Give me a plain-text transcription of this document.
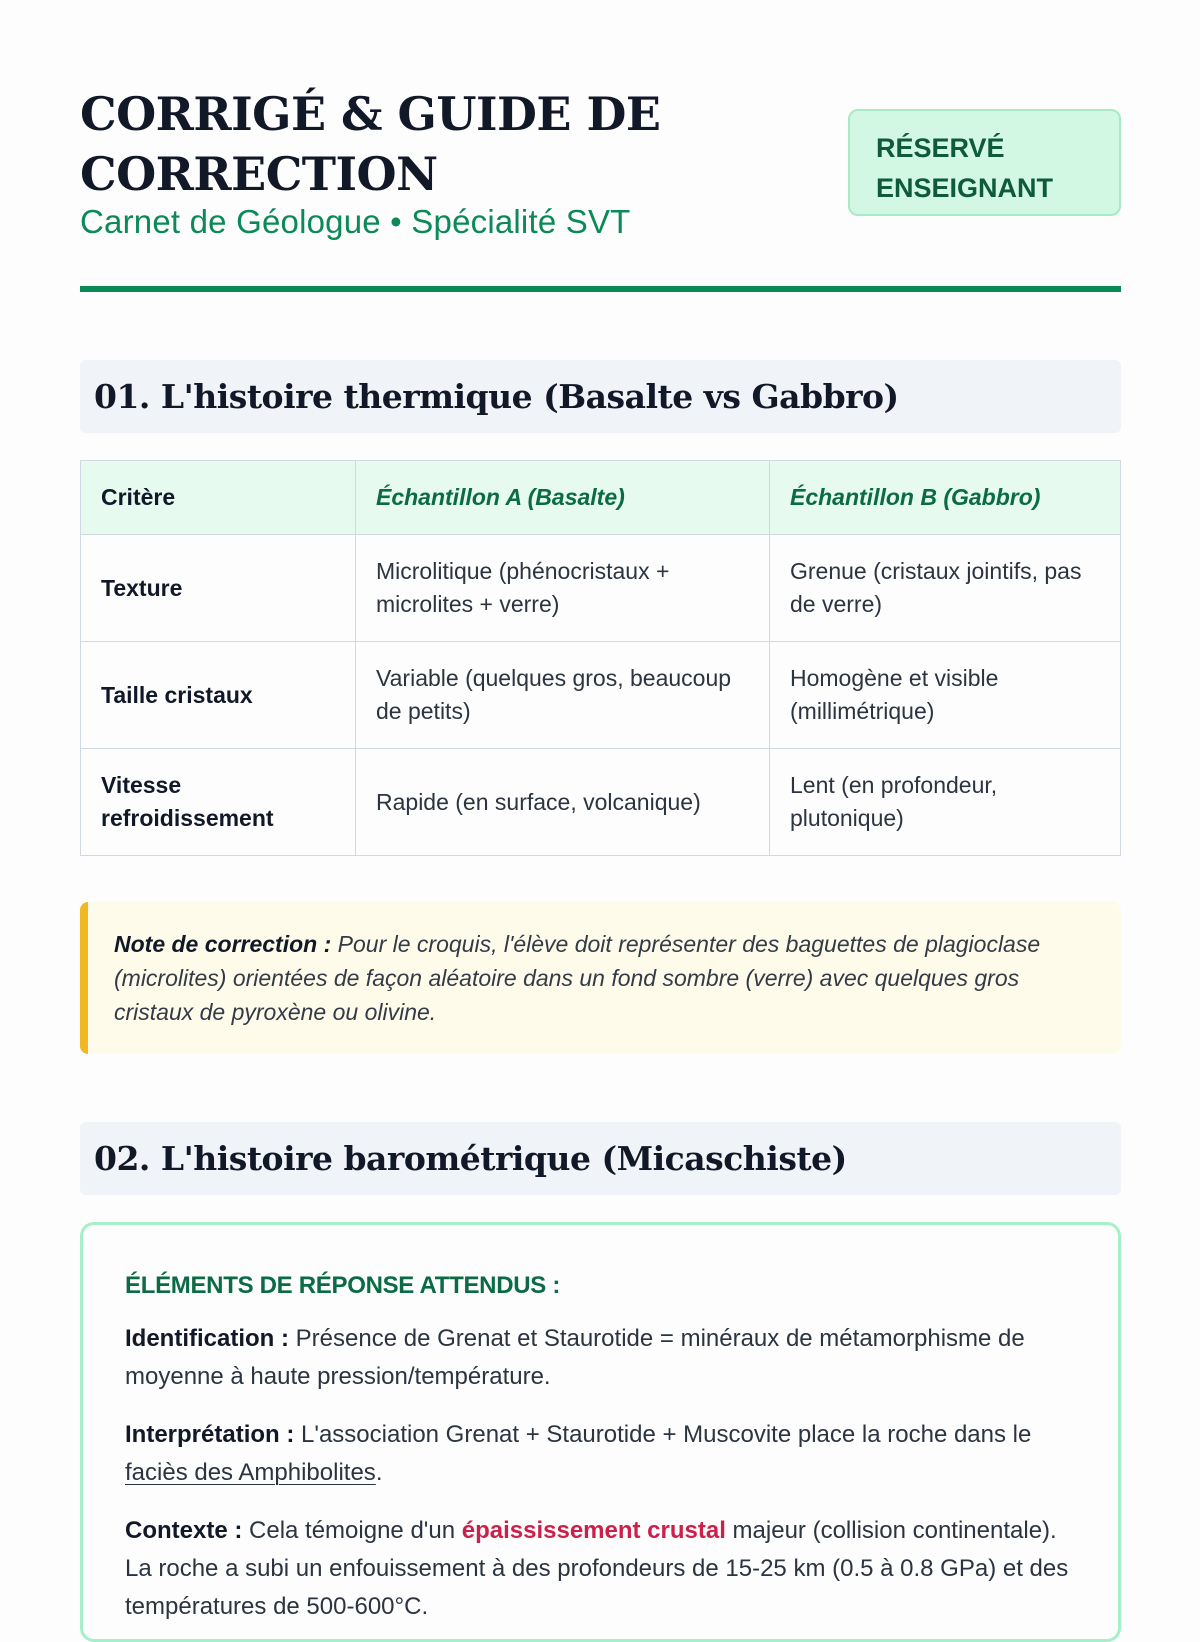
CORRIGÉ & GUIDE DE CORRECTION

Carnet de Géologue • Spécialité SVT

RÉSERVÉ ENSEIGNANT
01. L'histoire thermique (Basalte vs Gabbro)
Critère	Échantillon A (Basalte)	Échantillon B (Gabbro)
Texture	Microlitique (phénocristaux + microlites + verre)	Grenue (cristaux jointifs, pas de verre)
Taille cristaux	Variable (quelques gros, beaucoup de petits)	Homogène et visible (millimétrique)
Vitesse refroidissement	Rapide (en surface, volcanique)	Lent (en profondeur, plutonique)
Note de correction : Pour le croquis, l'élève doit représenter des baguettes de plagioclase (microlites) orientées de façon aléatoire dans un fond sombre (verre) avec quelques gros cristaux de pyroxène ou olivine.
02. L'histoire barométrique (Micaschiste)
ÉLÉMENTS DE RÉPONSE ATTENDUS :

Identification : Présence de Grenat et Staurotide = minéraux de métamorphisme de moyenne à haute pression/température.

Interprétation : L'association Grenat + Staurotide + Muscovite place la roche dans le faciès des Amphibolites.

Contexte : Cela témoigne d'un épaississement crustal majeur (collision continentale). La roche a subi un enfouissement à des profondeurs de 15-25 km (0.5 à 0.8 GPa) et des températures de 500-600°C.
